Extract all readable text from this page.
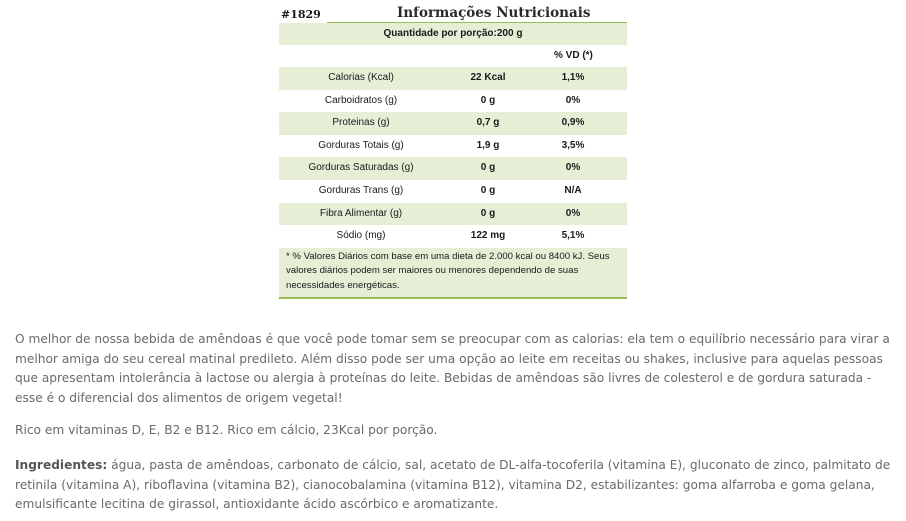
#1829	Informações Nutricionais
Quantidade por porção:200 g
% VD (*)
Calorias (Kcal)	22 Kcal	1,1%
Carboidratos (g)	0 g	0%
Proteinas (g)	0,7 g	0,9%
Gorduras Totais (g)	1,9 g	3,5%
Gorduras Saturadas (g)	0 g	0%
Gorduras Trans (g)	0 g	N/A
Fibra Alimentar (g)	0 g	0%
Sódio (mg)	122 mg	5,1%
* % Valores Diários com base em uma dieta de 2.000 kcal ou 8400 kJ. Seus valores diários podem ser maiores ou menores dependendo de suas necessidades energéticas.

O melhor de nossa bebida de amêndoas é que você pode tomar sem se preocupar com as calorias: ela tem o equilíbrio necessário para virar a melhor amiga do seu cereal matinal predileto. Além disso pode ser uma opção ao leite em receitas ou shakes, inclusive para aquelas pessoas que apresentam intolerância à lactose ou alergia à proteínas do leite. Bebidas de amêndoas são livres de colesterol e de gordura saturada - esse é o diferencial dos alimentos de origem vegetal!

Rico em vitaminas D, E, B2 e B12. Rico em cálcio, 23Kcal por porção.

Ingredientes: água, pasta de amêndoas, carbonato de cálcio, sal, acetato de DL-alfa-tocoferila (vitamina E), gluconato de zinco, palmitato de retinila (vitamina A), riboflavina (vitamina B2), cianocobalamina (vitamina B12), vitamina D2, estabilizantes: goma alfarroba e goma gelana, emulsificante lecitina de girassol, antioxidante ácido ascórbico e aromatizante.
